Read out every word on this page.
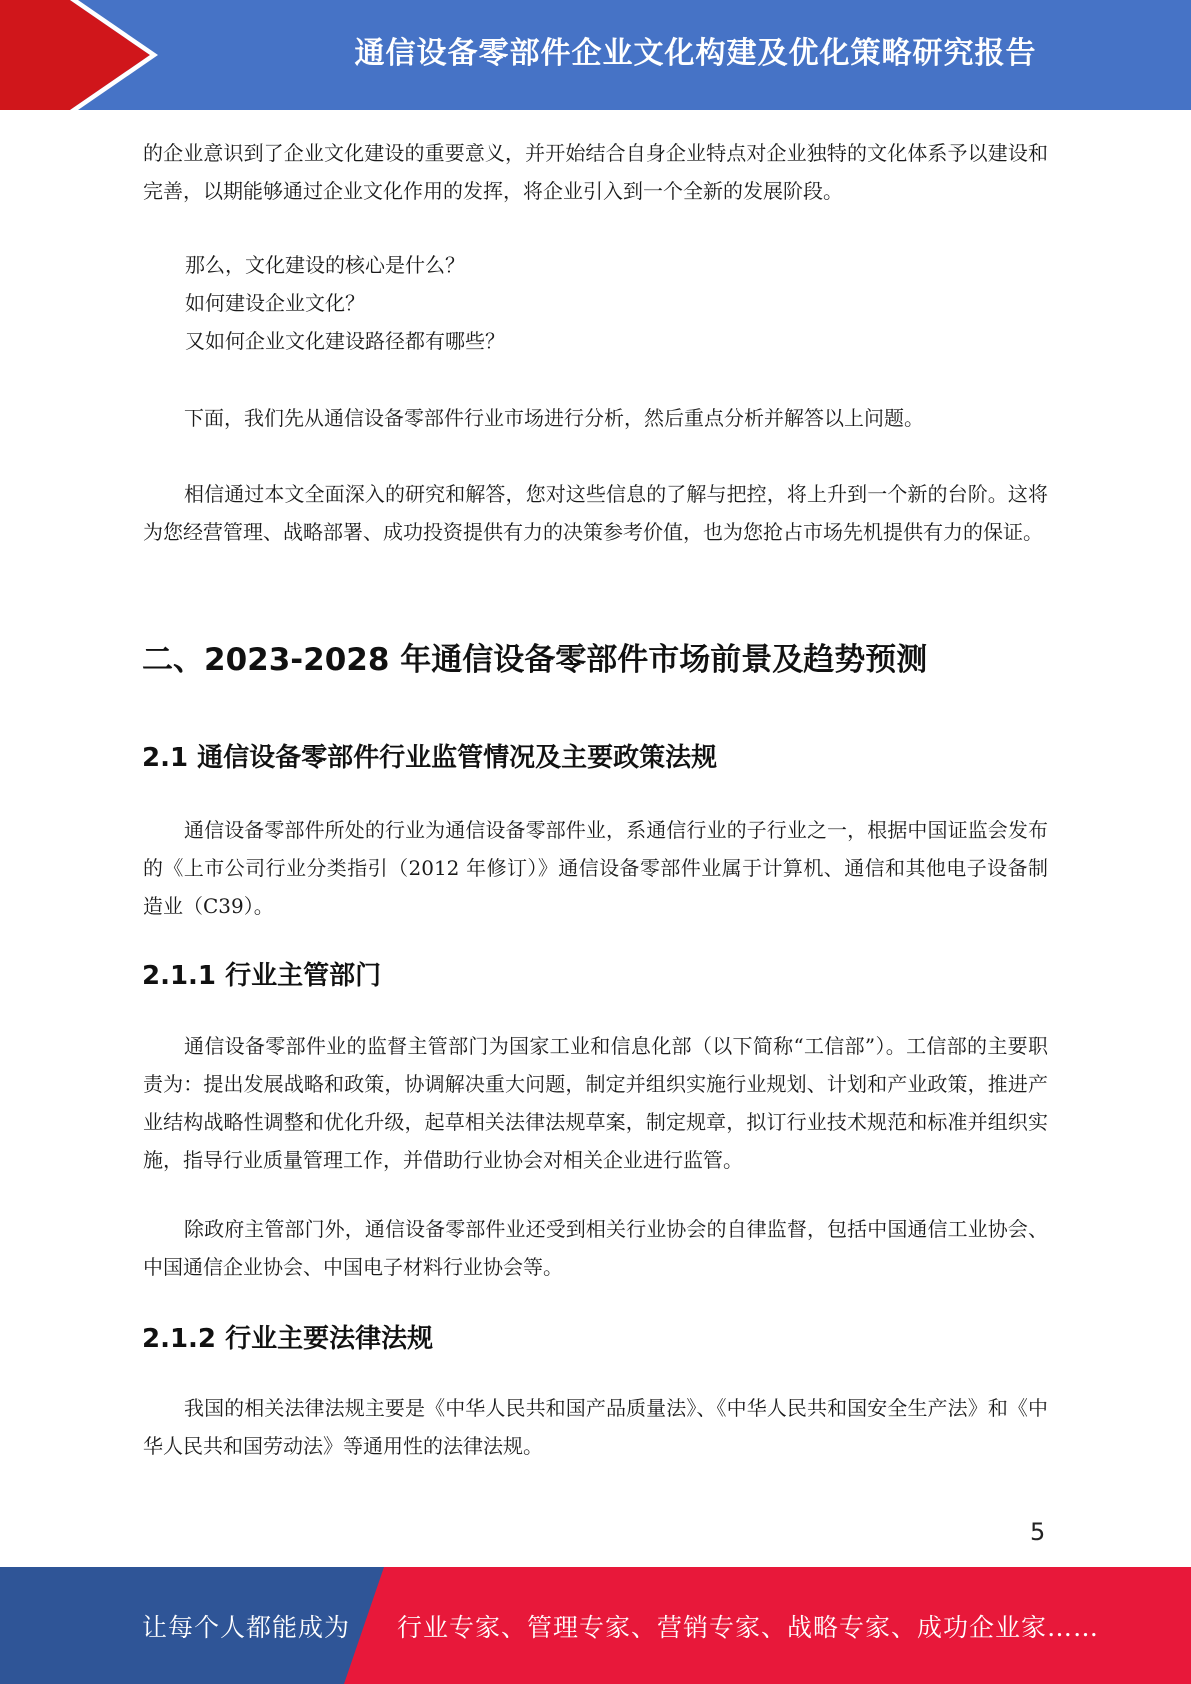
通信设备零部件企业文化构建及优化策略研究报告

的企业意识到了企业文化建设的重要意义，并开始结合自身企业特点对企业独特的文化体系予以建设和完善，以期能够通过企业文化作用的发挥，将企业引入到一个全新的发展阶段。

那么，文化建设的核心是什么？

如何建设企业文化？

又如何企业文化建设路径都有哪些？

下面，我们先从通信设备零部件行业市场进行分析，然后重点分析并解答以上问题。

相信通过本文全面深入的研究和解答，您对这些信息的了解与把控，将上升到一个新的台阶。这将为您经营管理、战略部署、成功投资提供有力的决策参考价值，也为您抢占市场先机提供有力的保证。

二、2023-2028 年通信设备零部件市场前景及趋势预测
2.1 通信设备零部件行业监管情况及主要政策法规

通信设备零部件所处的行业为通信设备零部件业，系通信行业的子行业之一，根据中国证监会发布的《上市公司行业分类指引（2012 年修订）》通信设备零部件业属于计算机、通信和其他电子设备制造业（C39）。

2.1.1 行业主管部门

通信设备零部件业的监督主管部门为国家工业和信息化部（以下简称“工信部”）。工信部的主要职责为：提出发展战略和政策，协调解决重大问题，制定并组织实施行业规划、计划和产业政策，推进产业结构战略性调整和优化升级，起草相关法律法规草案，制定规章，拟订行业技术规范和标准并组织实施，指导行业质量管理工作，并借助行业协会对相关企业进行监管。

除政府主管部门外，通信设备零部件业还受到相关行业协会的自律监督，包括中国通信工业协会、中国通信企业协会、中国电子材料行业协会等。

2.1.2 行业主要法律法规

我国的相关法律法规主要是《中华人民共和国产品质量法》、《中华人民共和国安全生产法》和《中华人民共和国劳动法》等通用性的法律法规。

5
让每个人都能成为 行业专家、管理专家、营销专家、战略专家、成功企业家……
